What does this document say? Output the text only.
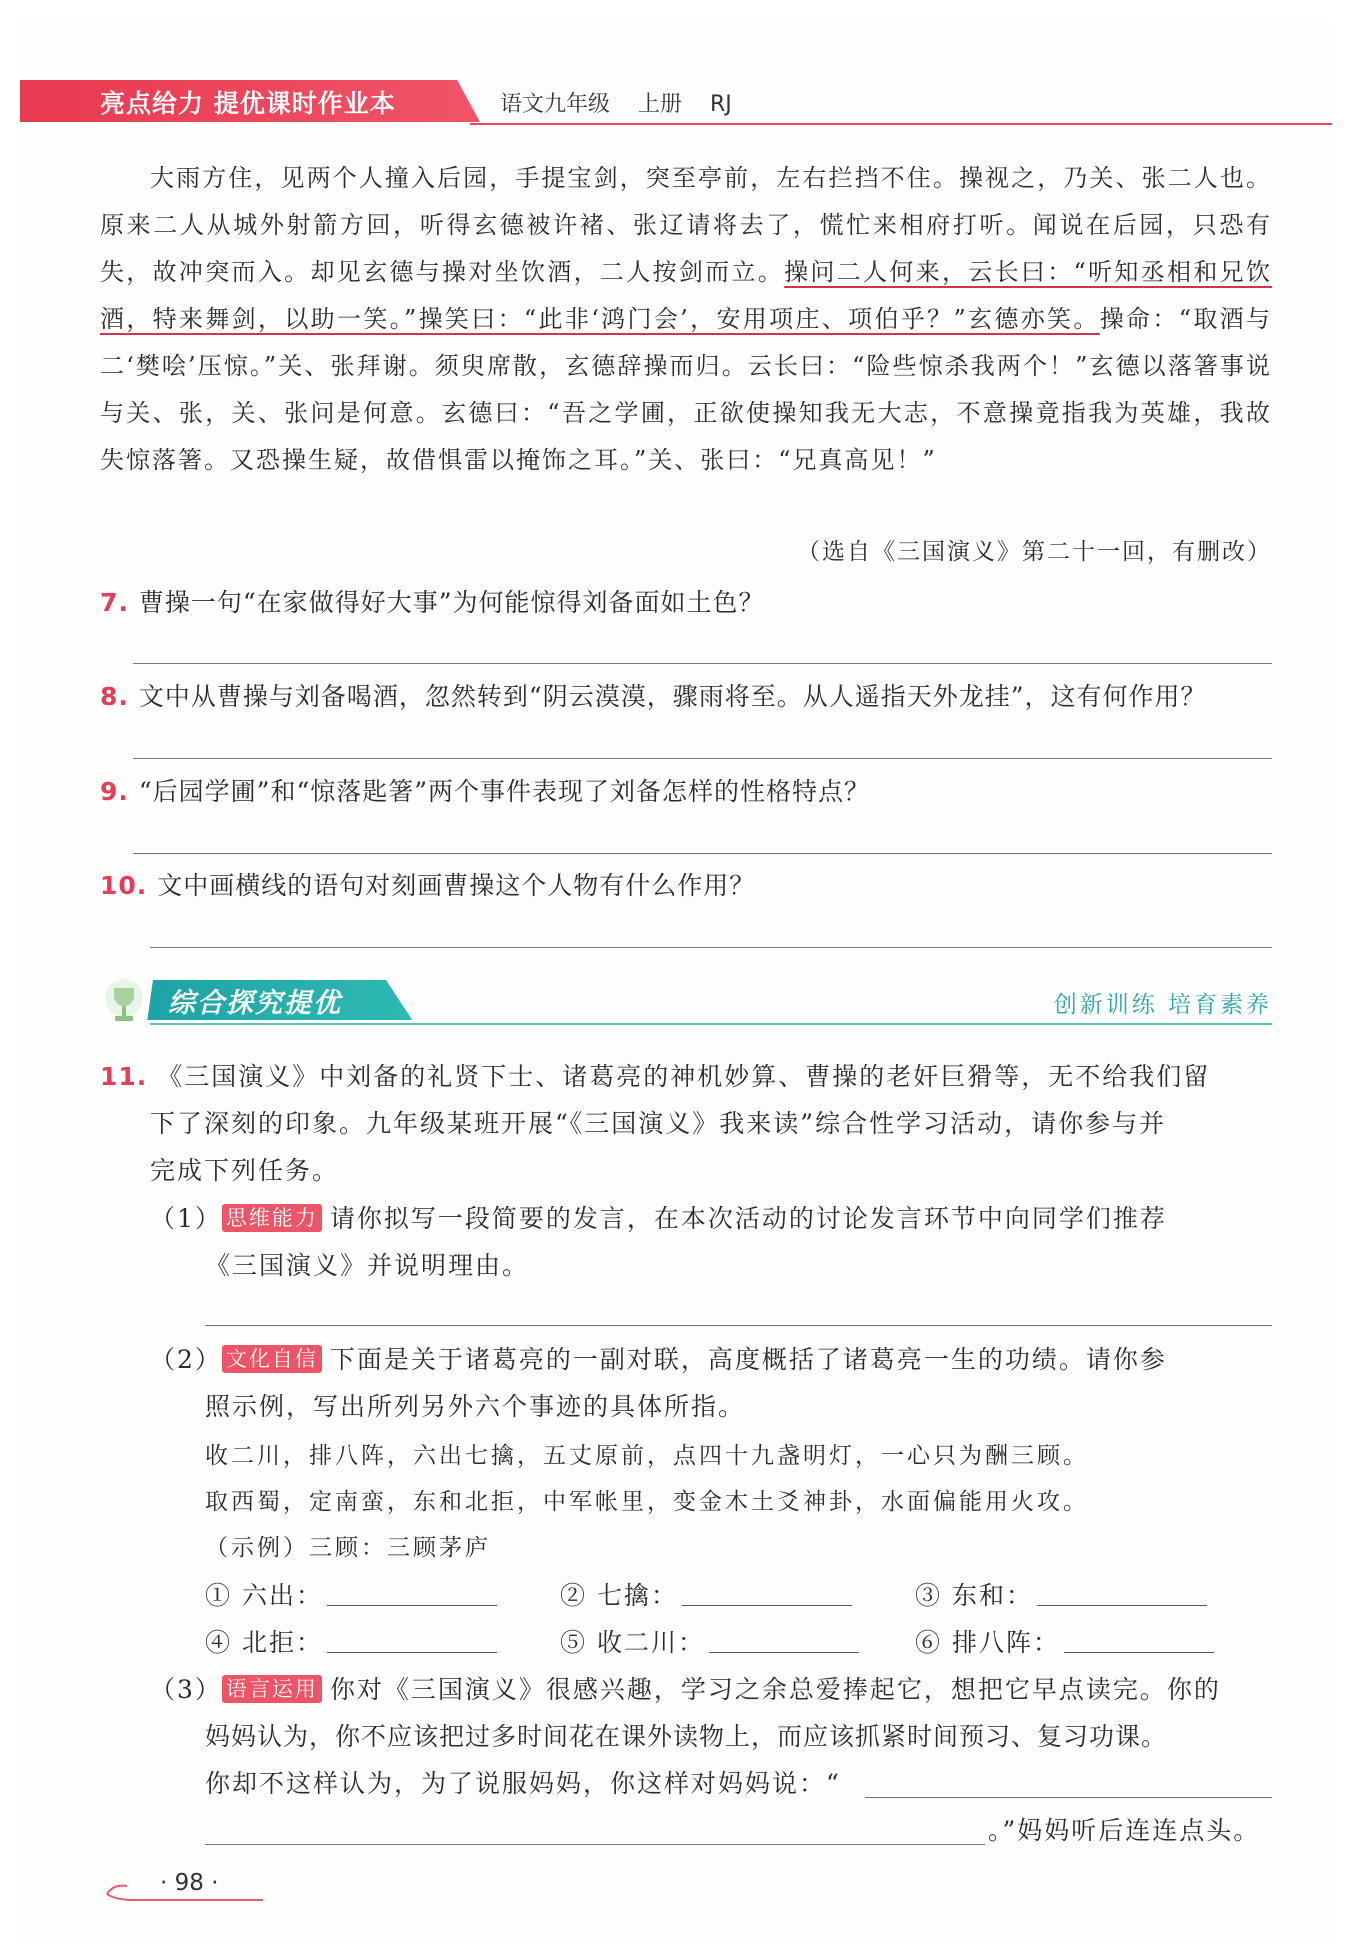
亮点给力 提优课时作业本	语文九年级    上册    RJ

大雨方住，见两个人撞入后园，手提宝剑，突至亭前，左右拦挡不住。操视之，乃关、张二人也。原来二人从城外射箭方回，听得玄德被许褚、张辽请将去了，慌忙来相府打听。闻说在后园，只恐有失，故冲突而入。却见玄德与操对坐饮酒，二人按剑而立。操问二人何来，云长曰：“听知丞相和兄饮酒，特来舞剑，以助一笑。”操笑曰：“此非‘鸿门会’，安用项庄、项伯乎？”玄德亦笑。操命：“取酒与二‘樊哙’压惊。”关、张拜谢。须臾席散，玄德辞操而归。云长曰：“险些惊杀我两个！”玄德以落箸事说与关、张，关、张问是何意。玄德曰：“吾之学圃，正欲使操知我无大志，不意操竟指我为英雄，我故失惊落箸。又恐操生疑，故借惧雷以掩饰之耳。”关、张曰：“兄真高见！”

（选自《三国演义》第二十一回，有删改）
7. 曹操一句“在家做得好大事”为何能惊得刘备面如土色？
8. 文中从曹操与刘备喝酒，忽然转到“阴云漠漠，骤雨将至。从人遥指天外龙挂”，这有何作用？
9. “后园学圃”和“惊落匙箸”两个事件表现了刘备怎样的性格特点？
10. 文中画横线的语句对刻画曹操这个人物有什么作用？
综合探究提优	创新训练 培育素养
11. 《三国演义》中刘备的礼贤下士、诸葛亮的神机妙算、曹操的老奸巨猾等，无不给我们留
下了深刻的印象。九年级某班开展“《三国演义》我来读”综合性学习活动，请你参与并
完成下列任务。
（1） 思维能力 请你拟写一段简要的发言，在本次活动的讨论发言环节中向同学们推荐
《三国演义》并说明理由。
（2） 文化自信 下面是关于诸葛亮的一副对联，高度概括了诸葛亮一生的功绩。请你参
照示例，写出所列另外六个事迹的具体所指。
收二川，排八阵，六出七擒，五丈原前，点四十九盏明灯，一心只为酬三顾。
取西蜀，定南蛮，东和北拒，中军帐里，变金木土爻神卦，水面偏能用火攻。
（示例）三顾：三顾茅庐
① 六出：	② 七擒：	③ 东和：
④ 北拒：	⑤ 收二川：	⑥ 排八阵：
（3） 语言运用 你对《三国演义》很感兴趣，学习之余总爱捧起它，想把它早点读完。你的
妈妈认为，你不应该把过多时间花在课外读物上，而应该抓紧时间预习、复习功课。
你却不这样认为，为了说服妈妈，你这样对妈妈说：“
。”妈妈听后连连点头。
· 98 ·
